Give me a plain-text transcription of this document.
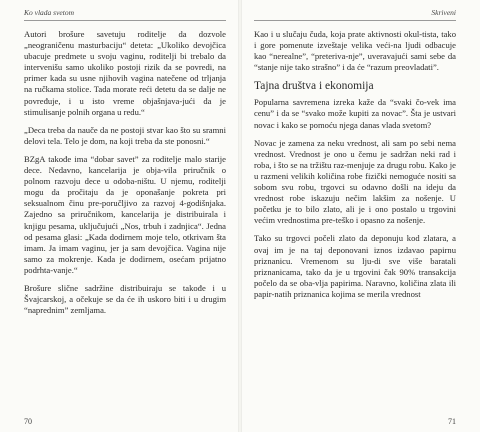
Ko vlada svetom

Autori brošure savetuju roditelje da dozvole „neograničenu masturbaciju“ deteta: „Ukoliko devojčica ubacuje predmete u svoju vaginu, roditelji bi trebalo da intervenišu samo ukoliko postoji rizik da se povredi, na primer kada su usne njihovih vagina natečene od trljanja na ručkama stolice. Tada morate reći detetu da se dalje ne povređuje, i u isto vreme objašnjava-jući da je stimulisanje polnih organa u redu.“

„Deca treba da nauče da ne postoji stvar kao što su sramni delovi tela. Telo je dom, na koji treba da ste ponosni.“

BZgA takođe ima “dobar savet” za roditelje malo starije dece. Nedavno, kancelarija je obja-vila priručnik o polnom razvoju dece u odoba-ništu. U njemu, roditelji mogu da pročitaju da je oponašanje pokreta pri seksualnom činu pre-poručljivo za razvoj 4-godišnjaka. Zajedno sa priručnikom, kancelarija je distribuirala i knjigu pesama, uključujući „Nos, trbuh i zadnjica“. Jedna od pesama glasi: „Kada dodirnem moje telo, otkrivam šta imam. Ja imam vaginu, jer ja sam devojčica. Vagina nije samo za mokrenje. Kada je dodirnem, osećam prijatno podrhta-vanje.“

Brošure slične sadržine distribuiraju se takođe i u Švajcarskoj, a očekuje se da će ih uskoro biti i u drugim “naprednim” zemljama.

70
Skriveni

Kao i u slučaju čuda, koja prate aktivnosti okul-tista, tako i gore pomenute izveštaje velika veći-na ljudi odbacuje kao “nerealne”, “preteriva-nje”, uveravajući sami sebe da “stanje nije tako strašno” i da će “razum preovladati”.

Tajna društva i ekonomija

Popularna savremena izreka kaže da “svaki čo-vek ima cenu” i da se “svako može kupiti za novac”. Šta je ustvari novac i kako se pomoću njega danas vlada svetom?

Novac je zamena za neku vrednost, ali sam po sebi nema vrednost. Vrednost je ono u čemu je sadržan neki rad i roba, i što se na tržištu raz-menjuje za drugu robu. Kako je u razmeni velikih količina robe fizički nemoguće nositi sa sobom svu robu, trgovci su odavno došli na ideju da vrednost robe iskazuju nečim lakšim za nošenje. U početku je to bilo zlato, ali je i ono postalo u trgovini većim vrednostima pre-teško i opasno za nošenje.

Tako su trgovci počeli zlato da deponuju kod zlatara, a ovaj im je na taj deponovani iznos izdavao papirnu priznanicu. Vremenom su lju-di sve više baratali priznanicama, tako da je u trgovini čak 90% transakcija počelo da se oba-vlja papirima. Naravno, količina zlata ili papir-natih priznanica kojima se merila vrednost

71
